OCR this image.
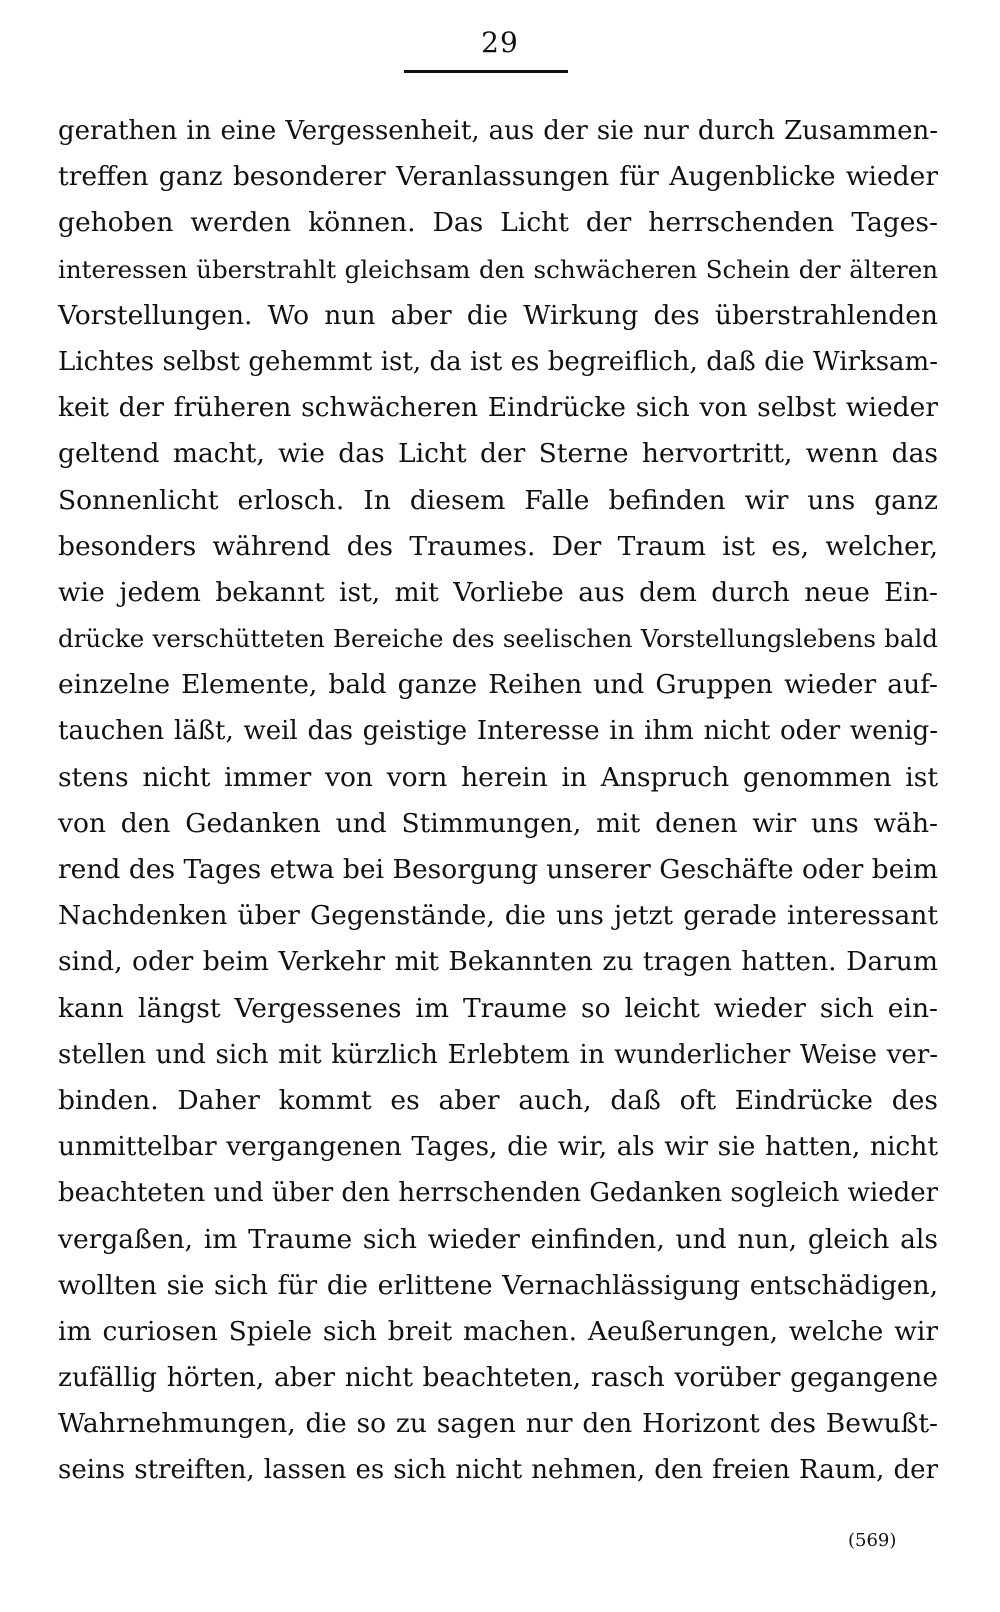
29
gerathen in eine Vergessenheit, aus der sie nur durch Zusammen-
treffen ganz besonderer Veranlassungen für Augenblicke wieder
gehoben werden können. Das Licht der herrschenden Tages-
interessen überstrahlt gleichsam den schwächeren Schein der älteren
Vorstellungen. Wo nun aber die Wirkung des überstrahlenden
Lichtes selbst gehemmt ist, da ist es begreiflich, daß die Wirksam-
keit der früheren schwächeren Eindrücke sich von selbst wieder
geltend macht, wie das Licht der Sterne hervortritt, wenn das
Sonnenlicht erlosch. In diesem Falle befinden wir uns ganz
besonders während des Traumes. Der Traum ist es, welcher,
wie jedem bekannt ist, mit Vorliebe aus dem durch neue Ein-
drücke verschütteten Bereiche des seelischen Vorstellungslebens bald
einzelne Elemente, bald ganze Reihen und Gruppen wieder auf-
tauchen läßt, weil das geistige Interesse in ihm nicht oder wenig-
stens nicht immer von vorn herein in Anspruch genommen ist
von den Gedanken und Stimmungen, mit denen wir uns wäh-
rend des Tages etwa bei Besorgung unserer Geschäfte oder beim
Nachdenken über Gegenstände, die uns jetzt gerade interessant
sind, oder beim Verkehr mit Bekannten zu tragen hatten. Darum
kann längst Vergessenes im Traume so leicht wieder sich ein-
stellen und sich mit kürzlich Erlebtem in wunderlicher Weise ver-
binden. Daher kommt es aber auch, daß oft Eindrücke des
unmittelbar vergangenen Tages, die wir, als wir sie hatten, nicht
beachteten und über den herrschenden Gedanken sogleich wieder
vergaßen, im Traume sich wieder einfinden, und nun, gleich als
wollten sie sich für die erlittene Vernachlässigung entschädigen,
im curiosen Spiele sich breit machen. Aeußerungen, welche wir
zufällig hörten, aber nicht beachteten, rasch vorüber gegangene
Wahrnehmungen, die so zu sagen nur den Horizont des Bewußt-
seins streiften, lassen es sich nicht nehmen, den freien Raum, der
(569)
